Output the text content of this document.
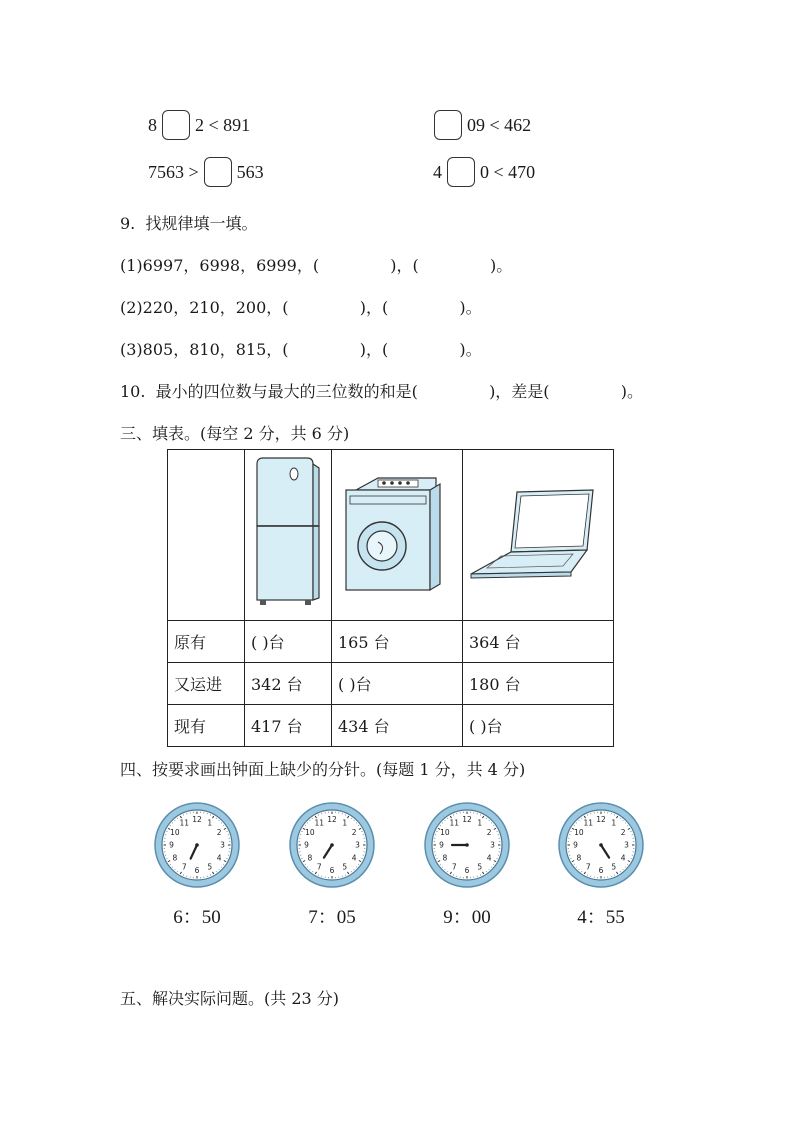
8 2 < 891	09 < 462
7563 > 563	4 0 < 470
9.  找规律填一填。
(1)6997，6998，6999，(              )，(              )。
(2)220，210，200，(              )，(              )。
(3)805，810，815，(              )，(              )。
10.  最小的四位数与最大的三位数的和是(              )，差是(              )。
三、填表。(每空 2 分，共 6 分)

原有	( )台	165 台	364 台
又运进	342 台	( )台	180 台
现有	417 台	434 台	( )台
四、按要求画出钟面上缺少的分针。(每题 1 分，共 4 分)
1
2
3
4
5
6
7
8
9
10
11 12
6：50
1
2
3
4
5
6
7
8
9
10
11 12
7：05
1
2
3
4
5
6
7
8
9
10
11 12
9：00
1
2
3
4
5
6
7
8
9
10
11 12
4：55
五、解决实际问题。(共 23 分)
